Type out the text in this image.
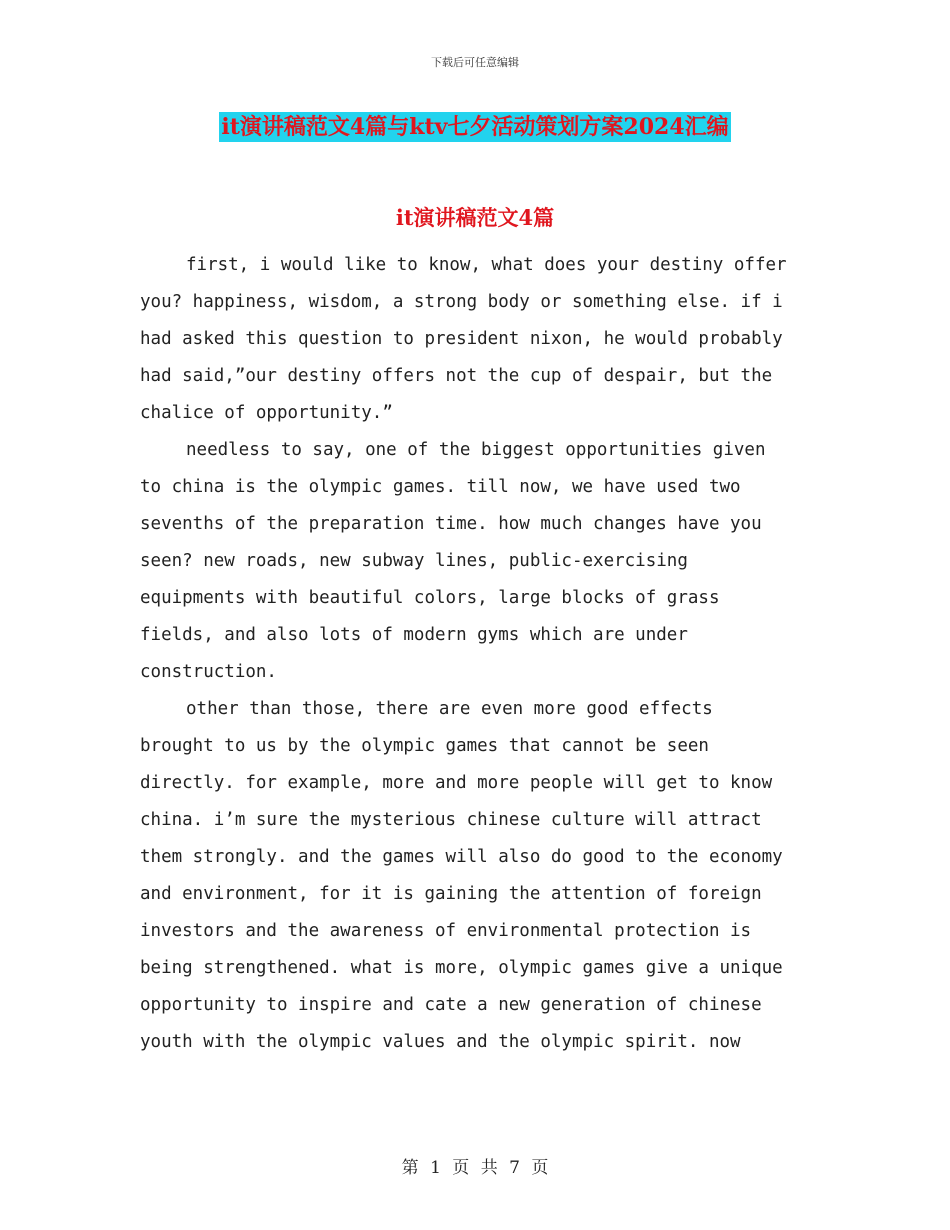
下载后可任意编辑
it演讲稿范文4篇与ktv七夕活动策划方案2024汇编
it演讲稿范文4篇
first, i would like to know, what does your destiny offer
you? happiness, wisdom, a strong body or something else. if i
had asked this question to president nixon, he would probably
had said,”our destiny offers not the cup of despair, but the
chalice of opportunity.”
needless to say, one of the biggest opportunities given
to china is the olympic games. till now, we have used two
sevenths of the preparation time. how much changes have you
seen? new roads, new subway lines, public-exercising
equipments with beautiful colors, large blocks of grass
fields, and also lots of modern gyms which are under
construction.
other than those, there are even more good effects
brought to us by the olympic games that cannot be seen
directly. for example, more and more people will get to know
china. i’m sure the mysterious chinese culture will attract
them strongly. and the games will also do good to the economy
and environment, for it is gaining the attention of foreign
investors and the awareness of environmental protection is
being strengthened. what is more, olympic games give a unique
opportunity to inspire and cate a new generation of chinese
youth with the olympic values and the olympic spirit. now
第 1 页 共 7 页
